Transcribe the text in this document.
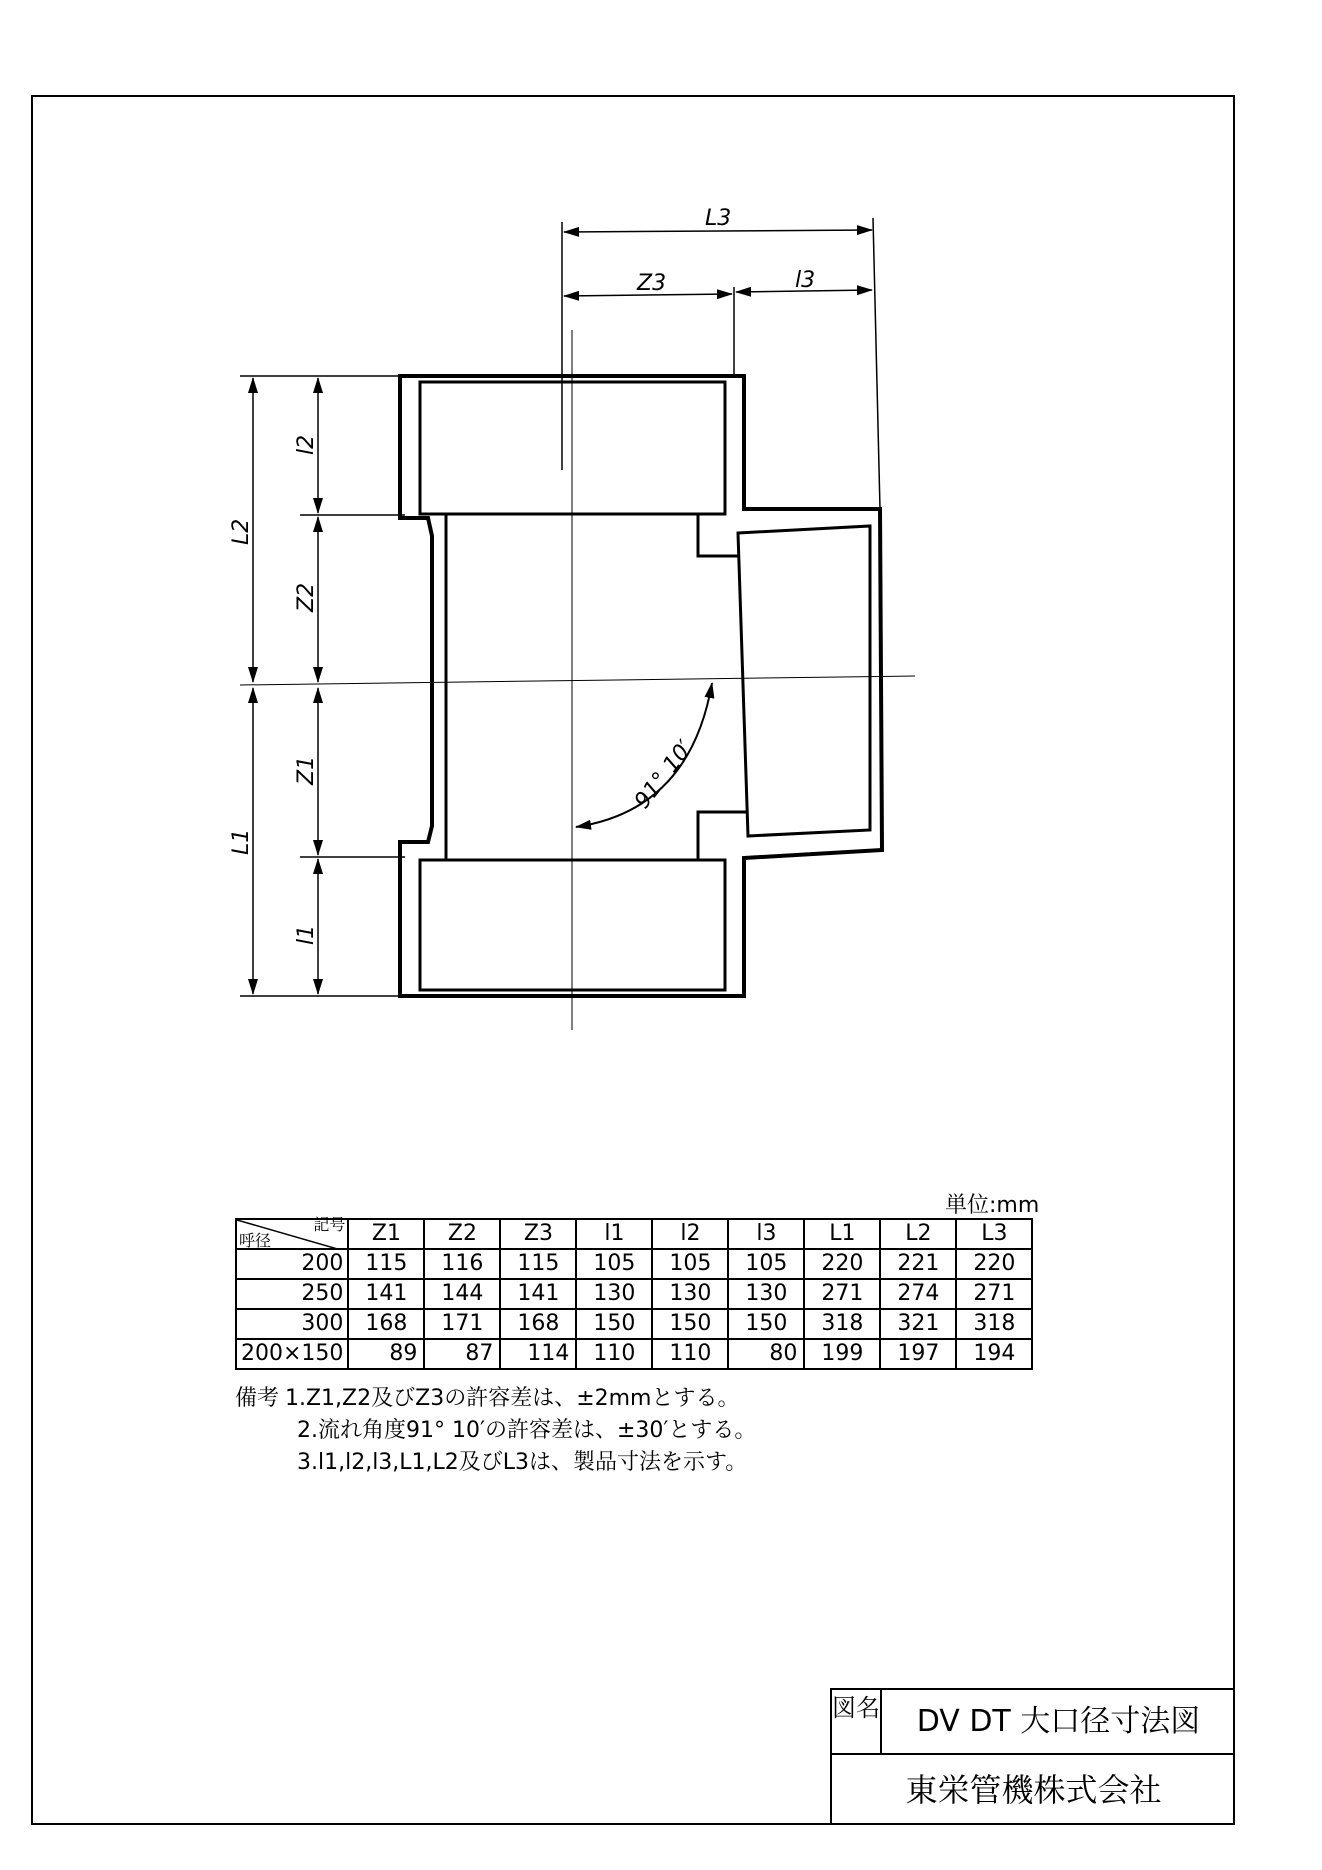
L3
Z3	l3
L2
l2
Z2
L1
Z1
l1
91° 10′
単位:mm
記号
呼径	Z1	Z2	Z3	l1	l2	l3	L1	L2	L3
200	115	116	115	105	105	105	220	221	220
250	141	144	141	130	130	130	271	274	271
300	168	171	168	150	150	150	318	321	318
200×150	89	87	114	110	110	80	199	197	194
備考 1.Z1,Z2及びZ3の許容差は、±2mmとする。
2.流れ角度91° 10′の許容差は、±30′とする。
3.l1,l2,l3,L1,L2及びL3は、製品寸法を示す。
図名	DV DT 大口径寸法図
東栄管機株式会社
